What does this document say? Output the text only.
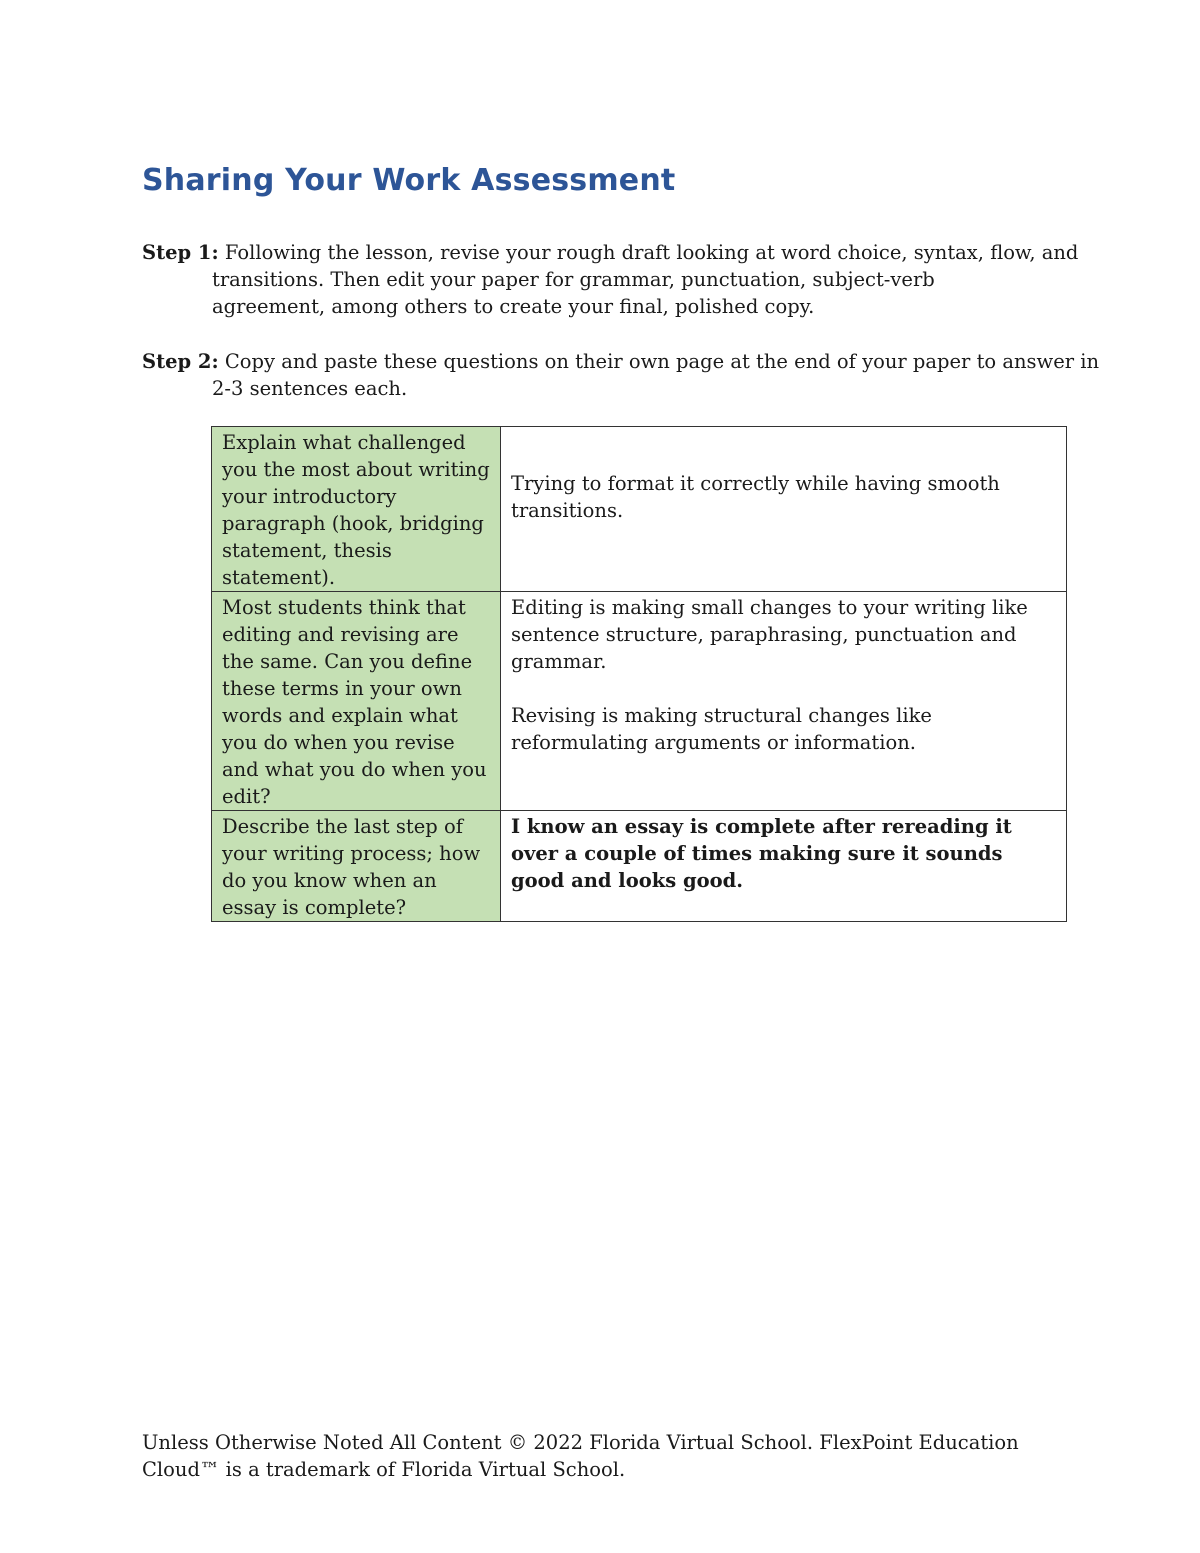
Sharing Your Work Assessment
Step 1: Following the lesson, revise your rough draft looking at word choice, syntax, flow, and
transitions. Then edit your paper for grammar, punctuation, subject-verb agreement, among others to create your final, polished copy.
Step 2: Copy and paste these questions on their own page at the end of your paper to answer in
2-3 sentences each.
Explain what challenged you the most about writing your introductory paragraph (hook, bridging statement, thesis statement).	Trying to format it correctly while having smooth transitions.

Most students think that editing and revising are the same. Can you define these terms in your own words and explain what you do when you revise and what you do when you edit?	Editing is making small changes to your writing like sentence structure, paraphrasing, punctuation and grammar.

Revising is making structural changes like reformulating arguments or information.

Describe the last step of your writing process; how do you know when an essay is complete?	I know an essay is complete after rereading it over a couple of times making sure it sounds good and looks good.

Unless Otherwise Noted All Content © 2022 Florida Virtual School. FlexPoint Education Cloud™ is a trademark of Florida Virtual School.
